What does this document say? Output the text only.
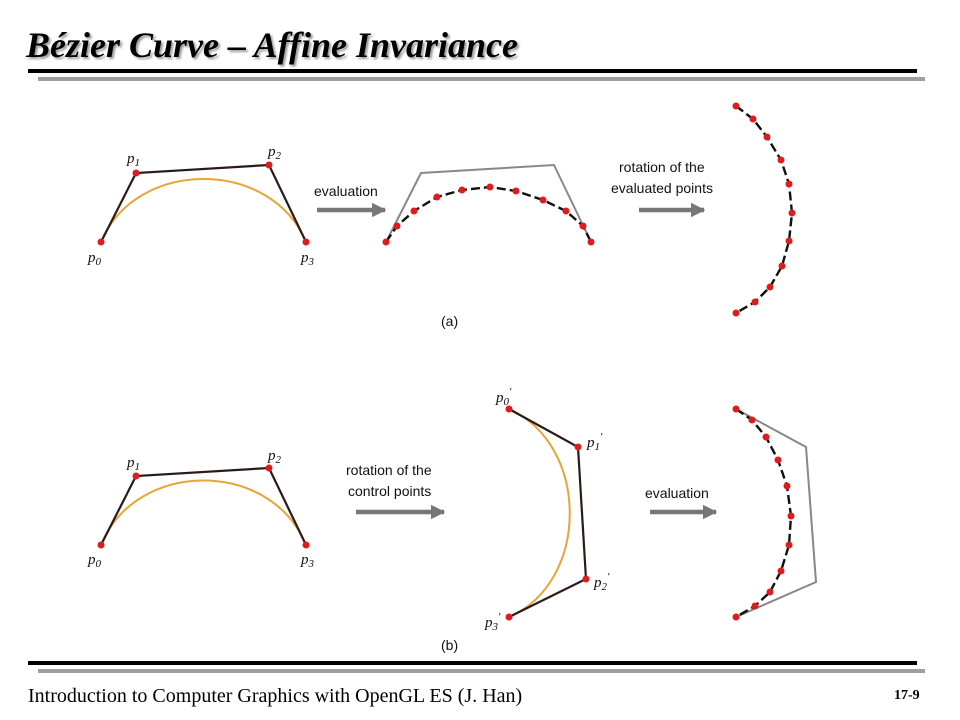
Bézier Curve – Affine Invariance
$p_1$
$p_2$
$p_0$	$p_3$
evaluation
rotation of the
evaluated points
(a)
$p_1$
$p_2$
$p_0$	$p_3$
rotation of the
control points
$p_0'$
$p_1'$
$p_2'$
$p_3'$
evaluation
(b)
Introduction to Computer Graphics with OpenGL ES (J. Han)	17-9
